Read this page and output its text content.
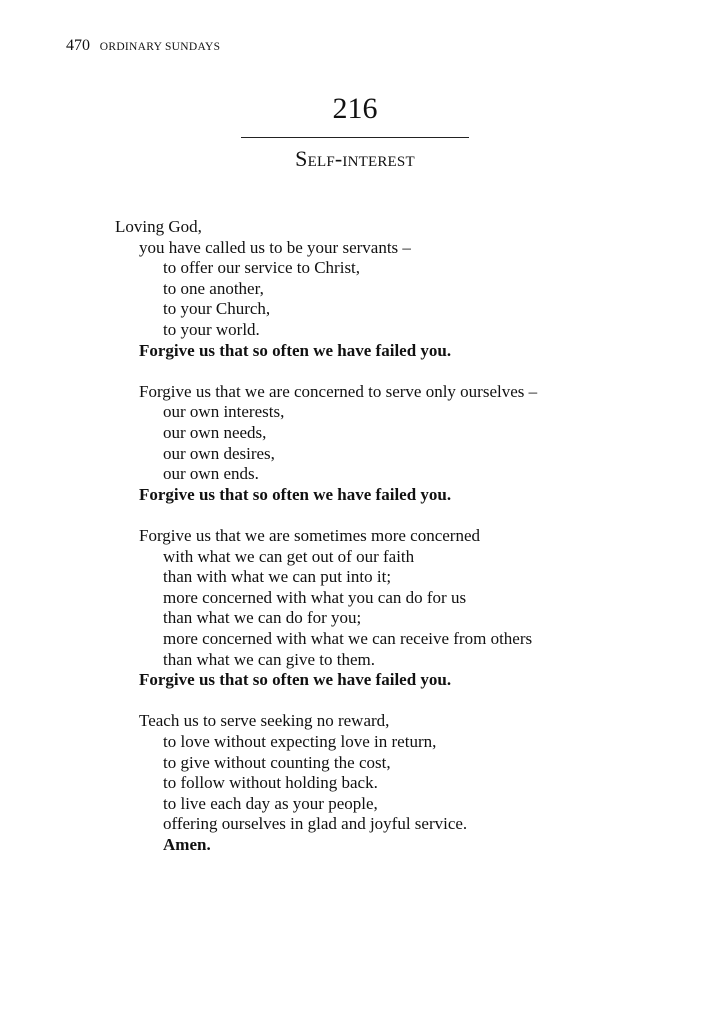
470 ORDINARY SUNDAYS
216
Self-interest
Loving God,
you have called us to be your servants –
to offer our service to Christ,
to one another,
to your Church,
to your world.
Forgive us that so often we have failed you.
Forgive us that we are concerned to serve only ourselves –
our own interests,
our own needs,
our own desires,
our own ends.
Forgive us that so often we have failed you.
Forgive us that we are sometimes more concerned
with what we can get out of our faith
than with what we can put into it;
more concerned with what you can do for us
than what we can do for you;
more concerned with what we can receive from others
than what we can give to them.
Forgive us that so often we have failed you.
Teach us to serve seeking no reward,
to love without expecting love in return,
to give without counting the cost,
to follow without holding back.
to live each day as your people,
offering ourselves in glad and joyful service.
Amen.
